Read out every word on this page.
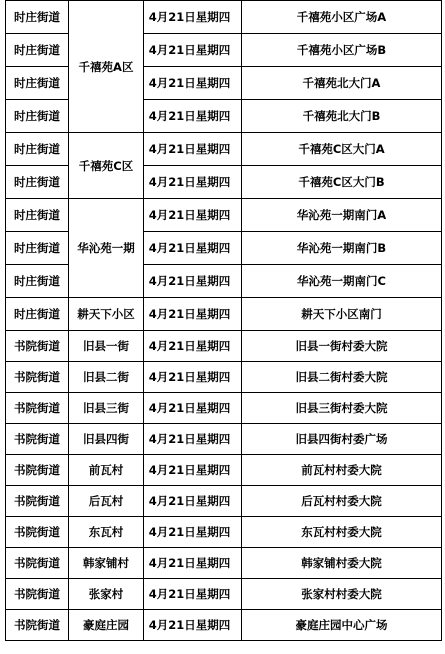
时庄街道	千禧苑A区	4月21日星期四	千禧苑小区广场A
时庄街道		4月21日星期四	千禧苑小区广场B
时庄街道		4月21日星期四	千禧苑北大门A
时庄街道		4月21日星期四	千禧苑北大门B
时庄街道	千禧苑C区	4月21日星期四	千禧苑C区大门A
时庄街道		4月21日星期四	千禧苑C区大门B
时庄街道	华沁苑一期	4月21日星期四	华沁苑一期南门A
时庄街道		4月21日星期四	华沁苑一期南门B
时庄街道		4月21日星期四	华沁苑一期南门C
时庄街道	耕天下小区	4月21日星期四	耕天下小区南门
书院街道	旧县一街	4月21日星期四	旧县一街村委大院
书院街道	旧县二街	4月21日星期四	旧县二街村委大院
书院街道	旧县三街	4月21日星期四	旧县三街村委大院
书院街道	旧县四街	4月21日星期四	旧县四街村委广场
书院街道	前瓦村	4月21日星期四	前瓦村村委大院
书院街道	后瓦村	4月21日星期四	后瓦村村委大院
书院街道	东瓦村	4月21日星期四	东瓦村村委大院
书院街道	韩家铺村	4月21日星期四	韩家铺村委大院
书院街道	张家村	4月21日星期四	张家村村委大院
书院街道	豪庭庄园	4月21日星期四	豪庭庄园中心广场
